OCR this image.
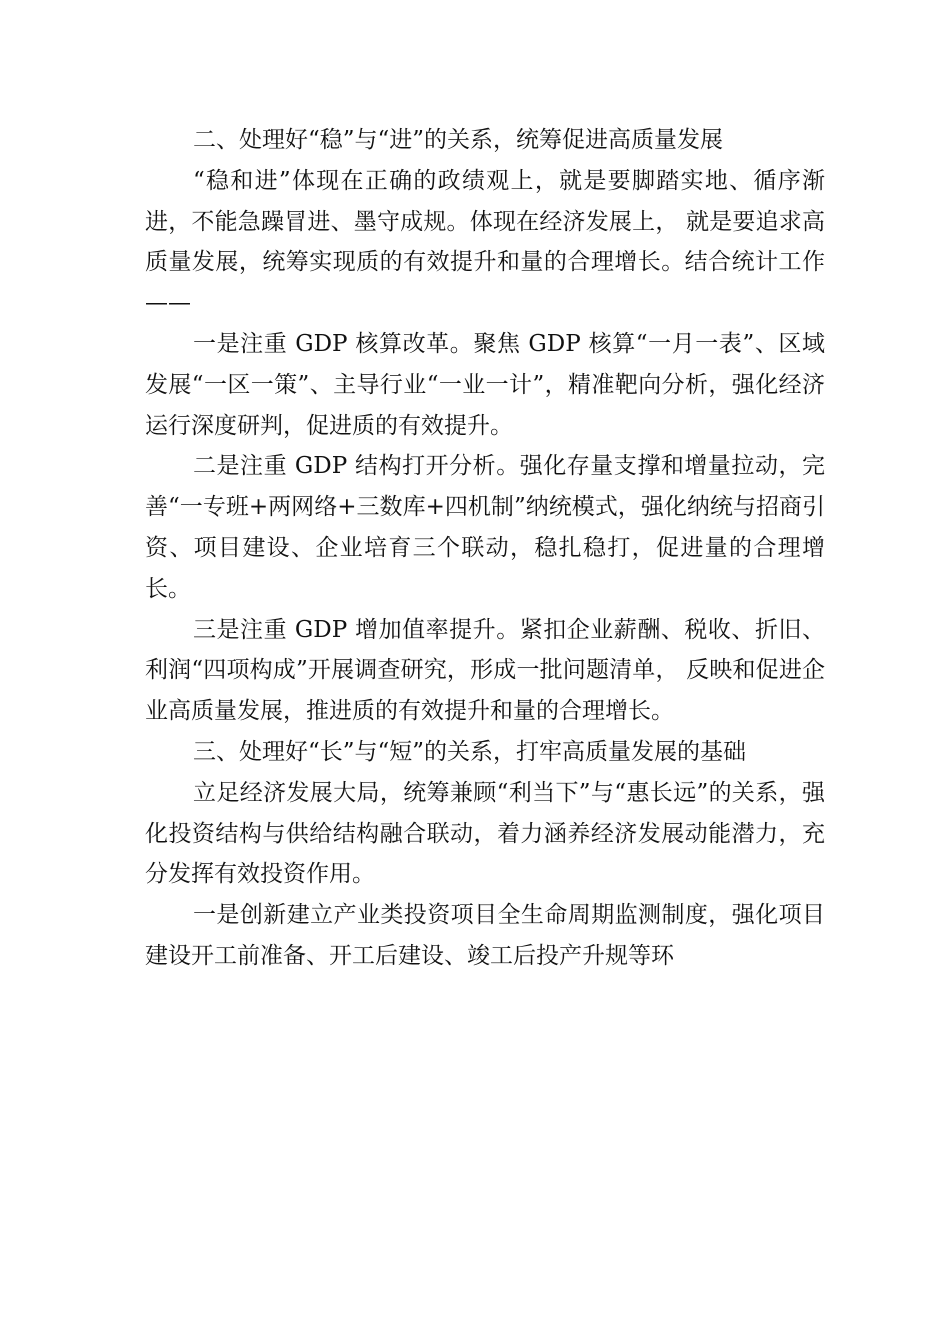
二、处理好“稳”与“进”的关系，统筹促进高质量发展

“稳和进”体现在正确的政绩观上，就是要脚踏实地、循序渐进，不能急躁冒进、墨守成规。体现在经济发展上， 就是要追求高质量发展，统筹实现质的有效提升和量的合理增长。结合统计工作——

一是注重 GDP 核算改革。聚焦 GDP 核算“一月一表”、区域发展“一区一策”、主导行业“一业一计”，精准靶向分析，强化经济运行深度研判，促进质的有效提升。

二是注重 GDP 结构打开分析。强化存量支撑和增量拉动，完善“一专班+两网络+三数库+四机制”纳统模式，强化纳统与招商引资、项目建设、企业培育三个联动，稳扎稳打，促进量的合理增长。

三是注重 GDP 增加值率提升。紧扣企业薪酬、税收、折旧、利润“四项构成”开展调查研究，形成一批问题清单， 反映和促进企业高质量发展，推进质的有效提升和量的合理增长。

三、处理好“长”与“短”的关系，打牢高质量发展的基础

立足经济发展大局，统筹兼顾“利当下”与“惠长远”的关系，强化投资结构与供给结构融合联动，着力涵养经济发展动能潜力，充分发挥有效投资作用。

一是创新建立产业类投资项目全生命周期监测制度，强化项目建设开工前准备、开工后建设、竣工后投产升规等环
